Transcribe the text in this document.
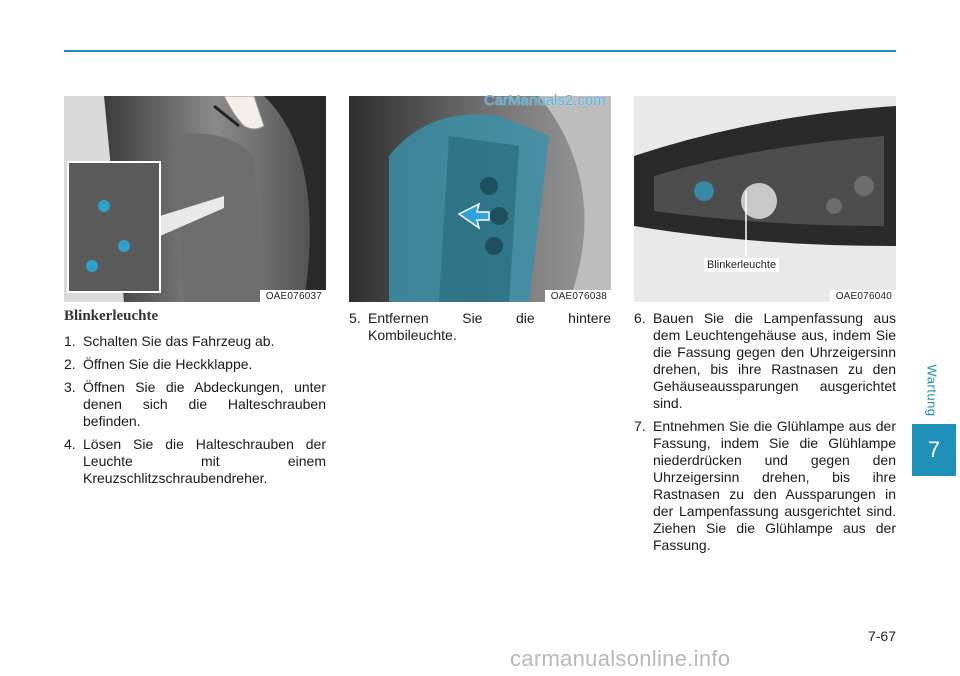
OAE076037	OAE076038
Blinkerleuchte
OAE076040
CarManuals2.com
Blinkerleuchte
1. Schalten Sie das Fahrzeug ab.
2. Öffnen Sie die Heckklappe.
3. Öffnen Sie die Abdeckungen, unter denen sich die Halteschrauben befinden.
4. Lösen Sie die Halteschrauben der Leuchte mit einem Kreuzschlitzschraubendreher.
5. Entfernen Sie die hintere Kombileuchte.
6. Bauen Sie die Lampenfassung aus dem Leuchtengehäuse aus, indem Sie die Fassung gegen den Uhrzeigersinn drehen, bis ihre Rastnasen zu den Gehäuseaussparungen ausgerichtet sind.
7. Entnehmen Sie die Glühlampe aus der Fassung, indem Sie die Glühlampe niederdrücken und gegen den Uhrzeigersinn drehen, bis ihre Rastnasen zu den Aussparungen in der Lampenfassung ausgerichtet sind. Ziehen Sie die Glühlampe aus der Fassung.
Wartung
7
7-67
carmanualsonline.info
